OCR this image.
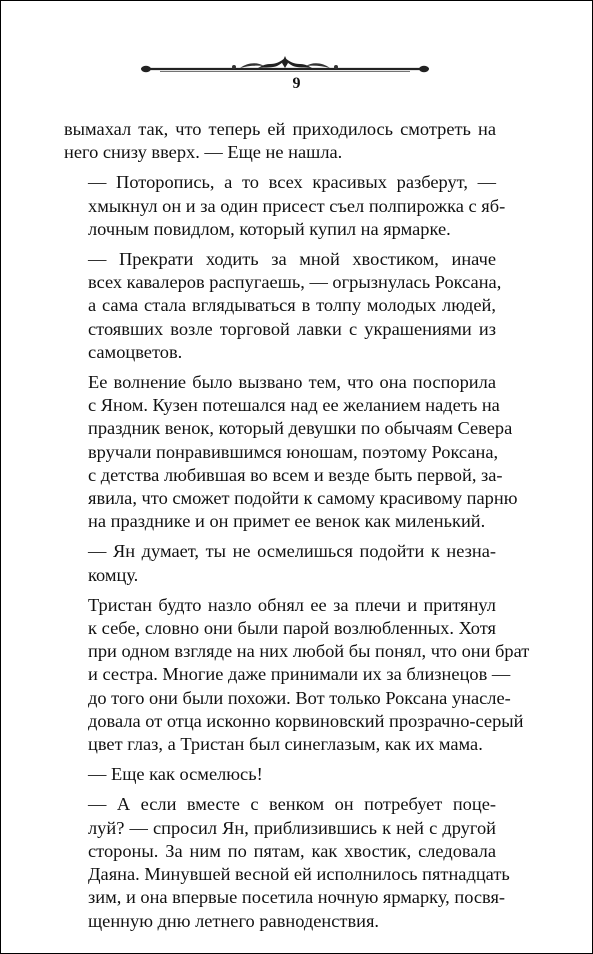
9

вымахал так, что теперь ей приходилось смотреть на
него снизу вверх. — Еще не нашла.

— Поторопись, а то всех красивых разберут, —
хмыкнул он и за один присест съел полпирожка с яб-
лочным повидлом, который купил на ярмарке.

— Прекрати ходить за мной хвостиком, иначе
всех кавалеров распугаешь, — огрызнулась Роксана,
а сама стала вглядываться в толпу молодых людей,
стоявших возле торговой лавки с украшениями из
самоцветов.

Ее волнение было вызвано тем, что она поспорила
с Яном. Кузен потешался над ее желанием надеть на
праздник венок, который девушки по обычаям Севера
вручали понравившимся юношам, поэтому Роксана,
с детства любившая во всем и везде быть первой, за-
явила, что сможет подойти к самому красивому парню
на празднике и он примет ее венок как миленький.

— Ян думает, ты не осмелишься подойти к незна-
комцу.

Тристан будто назло обнял ее за плечи и притянул
к себе, словно они были парой возлюбленных. Хотя
при одном взгляде на них любой бы понял, что они брат
и сестра. Многие даже принимали их за близнецов —
до того они были похожи. Вот только Роксана унасле-
довала от отца исконно корвиновский прозрачно-серый
цвет глаз, а Тристан был синеглазым, как их мама.

— Еще как осмелюсь!

— А если вместе с венком он потребует поце-
луй? — спросил Ян, приблизившись к ней с другой
стороны. За ним по пятам, как хвостик, следовала
Даяна. Минувшей весной ей исполнилось пятнадцать
зим, и она впервые посетила ночную ярмарку, посвя-
щенную дню летнего равноденствия.
